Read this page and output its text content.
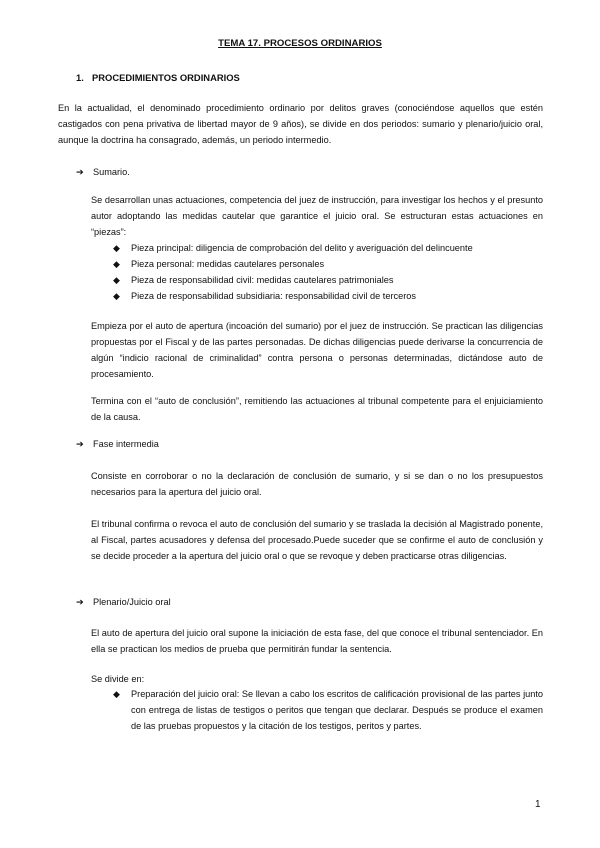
TEMA 17. PROCESOS ORDINARIOS
1. PROCEDIMIENTOS ORDINARIOS
En la actualidad, el denominado procedimiento ordinario por delitos graves (conociéndose aquellos que estén castigados con pena privativa de libertad mayor de 9 años), se divide en dos periodos: sumario y plenario/juicio oral, aunque la doctrina ha consagrado, además, un periodo intermedio.
➔ Sumario.
Se desarrollan unas actuaciones, competencia del juez de instrucción, para investigar los hechos y el presunto autor adoptando las medidas cautelar que garantice el juicio oral. Se estructuran estas actuaciones en “piezas”:
◆ Pieza principal: diligencia de comprobación del delito y averiguación del delincuente
◆ Pieza personal: medidas cautelares personales
◆ Pieza de responsabilidad civil: medidas cautelares patrimoniales
◆ Pieza de responsabilidad subsidiaria: responsabilidad civil de terceros
Empieza por el auto de apertura (incoación del sumario) por el juez de instrucción. Se practican las diligencias propuestas por el Fiscal y de las partes personadas. De dichas diligencias puede derivarse la concurrencia de algún “indicio racional de criminalidad” contra persona o personas determinadas, dictándose auto de procesamiento.
Termina con el “auto de conclusión”, remitiendo las actuaciones al tribunal competente para el enjuiciamiento de la causa.
➔ Fase intermedia
Consiste en corroborar o no la declaración de conclusión de sumario, y si se dan o no los presupuestos necesarios para la apertura del juicio oral.
El tribunal confirma o revoca el auto de conclusión del sumario y se traslada la decisión al Magistrado ponente, al Fiscal, partes acusadores y defensa del procesado.Puede suceder que se confirme el auto de conclusión y se decide proceder a la apertura del juicio oral o que se revoque y deben practicarse otras diligencias.
➔ Plenario/Juicio oral
El auto de apertura del juicio oral supone la iniciación de esta fase, del que conoce el tribunal sentenciador. En ella se practican los medios de prueba que permitirán fundar la sentencia.
Se divide en:
◆ Preparación del juicio oral: Se llevan a cabo los escritos de calificación provisional de las partes junto con entrega de listas de testigos o peritos que tengan que declarar. Después se produce el examen de las pruebas propuestos y la citación de los testigos, peritos y partes.
1
